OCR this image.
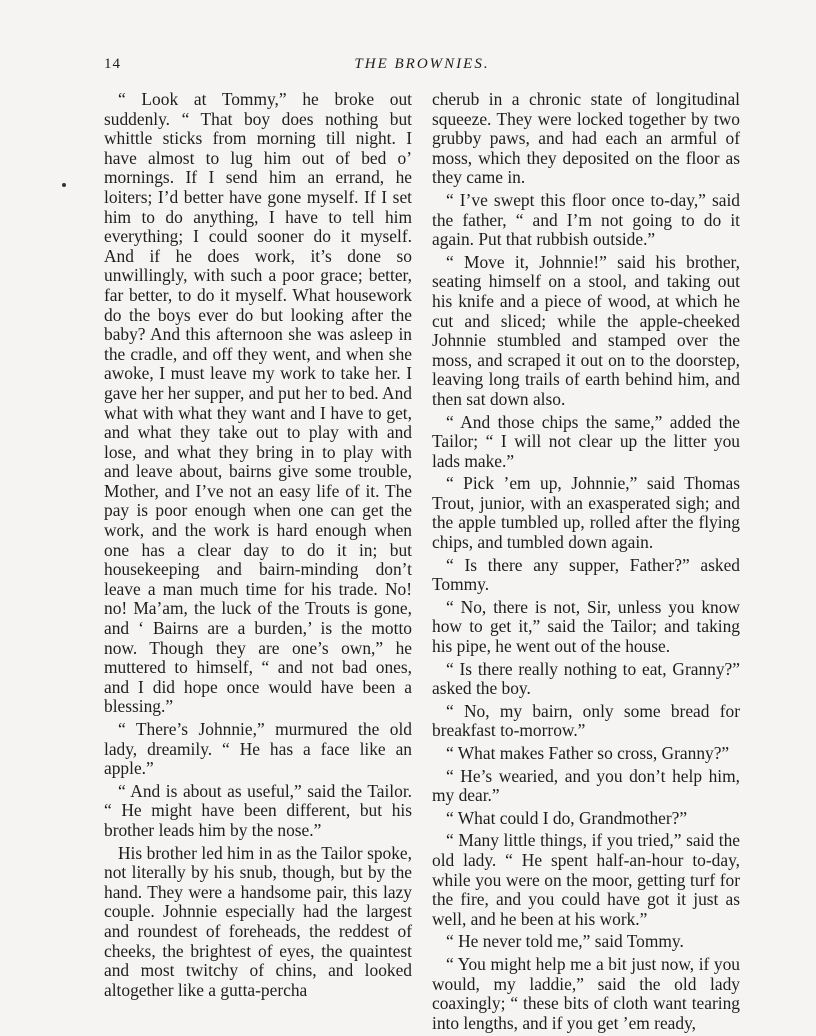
14	THE BROWNIES.

“ Look at Tommy,” he broke out suddenly. “ That boy does nothing but whittle sticks from morning till night. I have almost to lug him out of bed o’ mornings. If I send him an errand, he loiters; I’d better have gone myself. If I set him to do anything, I have to tell him everything; I could sooner do it myself. And if he does work, it’s done so unwillingly, with such a poor grace; better, far better, to do it myself. What housework do the boys ever do but looking after the baby? And this afternoon she was asleep in the cradle, and off they went, and when she awoke, I must leave my work to take her. I gave her her supper, and put her to bed. And what with what they want and I have to get, and what they take out to play with and lose, and what they bring in to play with and leave about, bairns give some trouble, Mother, and I’ve not an easy life of it. The pay is poor enough when one can get the work, and the work is hard enough when one has a clear day to do it in; but housekeeping and bairn-minding don’t leave a man much time for his trade. No! no! Ma’am, the luck of the Trouts is gone, and ‘ Bairns are a burden,’ is the motto now. Though they are one’s own,” he muttered to himself, “ and not bad ones, and I did hope once would have been a blessing.”

“ There’s Johnnie,” murmured the old lady, dreamily. “ He has a face like an apple.”

“ And is about as useful,” said the Tailor. “ He might have been different, but his brother leads him by the nose.”

His brother led him in as the Tailor spoke, not literally by his snub, though, but by the hand. They were a handsome pair, this lazy couple. Johnnie especially had the largest and roundest of foreheads, the reddest of cheeks, the brightest of eyes, the quaintest and most twitchy of chins, and looked altogether like a gutta-percha

cherub in a chronic state of longitudinal squeeze. They were locked together by two grubby paws, and had each an armful of moss, which they deposited on the floor as they came in.

“ I’ve swept this floor once to-day,” said the father, “ and I’m not going to do it again. Put that rubbish outside.”

“ Move it, Johnnie!” said his brother, seating himself on a stool, and taking out his knife and a piece of wood, at which he cut and sliced; while the apple-cheeked Johnnie stumbled and stamped over the moss, and scraped it out on to the doorstep, leaving long trails of earth behind him, and then sat down also.

“ And those chips the same,” added the Tailor; “ I will not clear up the litter you lads make.”

“ Pick ’em up, Johnnie,” said Thomas Trout, junior, with an exasperated sigh; and the apple tumbled up, rolled after the flying chips, and tumbled down again.

“ Is there any supper, Father?” asked Tommy.

“ No, there is not, Sir, unless you know how to get it,” said the Tailor; and taking his pipe, he went out of the house.

“ Is there really nothing to eat, Granny?” asked the boy.

“ No, my bairn, only some bread for breakfast to-morrow.”

“ What makes Father so cross, Granny?”

“ He’s wearied, and you don’t help him, my dear.”

“ What could I do, Grandmother?”

“ Many little things, if you tried,” said the old lady. “ He spent half-an-hour to-day, while you were on the moor, getting turf for the fire, and you could have got it just as well, and he been at his work.”

“ He never told me,” said Tommy.

“ You might help me a bit just now, if you would, my laddie,” said the old lady coaxingly; “ these bits of cloth want tearing into lengths, and if you get ’em ready,
